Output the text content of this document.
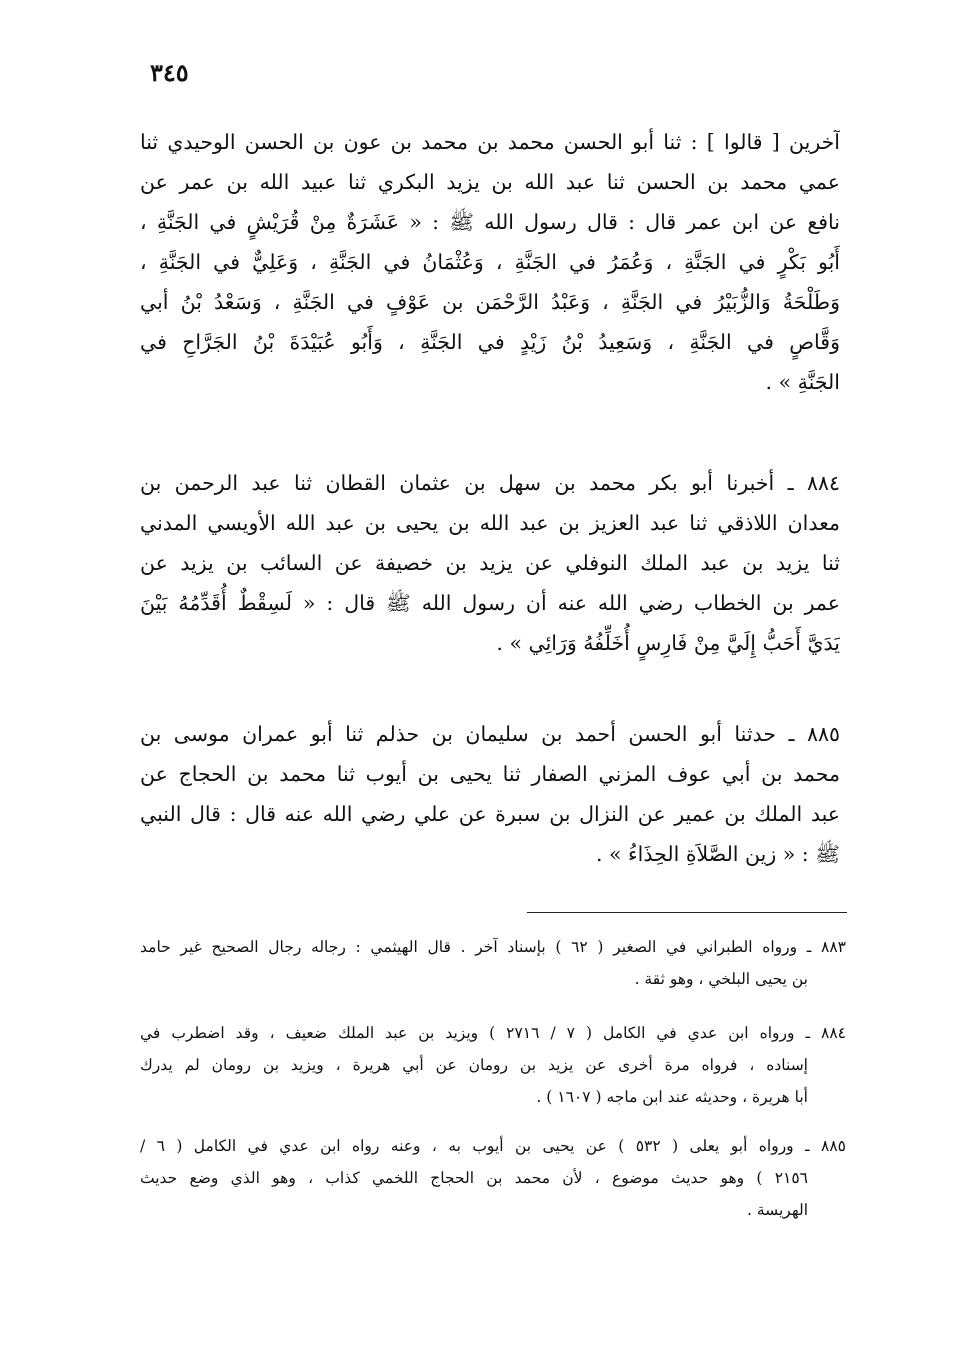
٣٤٥
آخرين [ قالوا ] : ثنا أبو الحسن محمد بن محمد بن عون بن الحسن الوحيدي ثنا
عمي محمد بن الحسن ثنا عبد الله بن يزيد البكري ثنا عبيد الله بن عمر عن
نافع عن ابن عمر قال : قال رسول الله ﷺ : « عَشَرَةٌ مِنْ قُرَيْشٍ في الجَنَّةِ ،
أَبُو بَكْرٍ في الجَنَّةِ ، وَعُمَرُ في الجَنَّةِ ، وَعُثْمَانُ في الجَنَّةِ ، وَعَلِيٌّ في الجَنَّةِ ،
وَطَلْحَةُ وَالزُّبَيْرُ في الجَنَّةِ ، وَعَبْدُ الرَّحْمَن بن عَوْفٍ في الجَنَّةِ ، وَسَعْدُ بْنُ أبي
وَقَّاصٍ في الجَنَّةِ ، وَسَعِيدُ بْنُ زَيْدٍ في الجَنَّةِ ، وَأَبُو عُبَيْدَةَ بْنُ الجَرَّاحِ في
الجَنَّةِ » .
٨٨٤ ـ أخبرنا أبو بكر محمد بن سهل بن عثمان القطان ثنا عبد الرحمن بن
معدان اللاذقي ثنا عبد العزيز بن عبد الله بن يحيى بن عبد الله الأويسي المدني
ثنا يزيد بن عبد الملك النوفلي عن يزيد بن خصيفة عن السائب بن يزيد عن
عمر بن الخطاب رضي الله عنه أن رسول الله ﷺ قال : « لَسِقْطٌ أُقَدِّمُهُ بَيْنَ
يَدَيَّ أَحَبُّ إِلَيَّ مِنْ فَارِسٍ أُخَلِّفُهُ وَرَائِي » .
٨٨٥ ـ حدثنا أبو الحسن أحمد بن سليمان بن حذلم ثنا أبو عمران موسى بن
محمد بن أبي عوف المزني الصفار ثنا يحيى بن أيوب ثنا محمد بن الحجاج عن
عبد الملك بن عمير عن النزال بن سبرة عن علي رضي الله عنه قال : قال النبي
ﷺ : « زين الصَّلاَةِ الحِذَاءُ » .
٨٨٣ ـ ورواه الطبراني في الصغير ( ٦٢ ) بإسناد آخر . قال الهيثمي : رجاله رجال الصحيح غير حامد
بن يحيى البلخي ، وهو ثقة .
٨٨٤ ـ ورواه ابن عدي في الكامل ( ٧ / ٢٧١٦ ) ويزيد بن عبد الملك ضعيف ، وقد اضطرب في
إسناده ، فرواه مرة أخرى عن يزيد بن رومان عن أبي هريرة ، ويزيد بن رومان لم يدرك
أبا هريرة ، وحديثه عند ابن ماجه ( ١٦٠٧ ) .
٨٨٥ ـ ورواه أبو يعلى ( ٥٣٢ ) عن يحيى بن أيوب به ، وعنه رواه ابن عدي في الكامل ( ٦ /
٢١٥٦ ) وهو حديث موضوع ، لأن محمد بن الحجاج اللخمي كذاب ، وهو الذي وضع حديث
الهريسة .
